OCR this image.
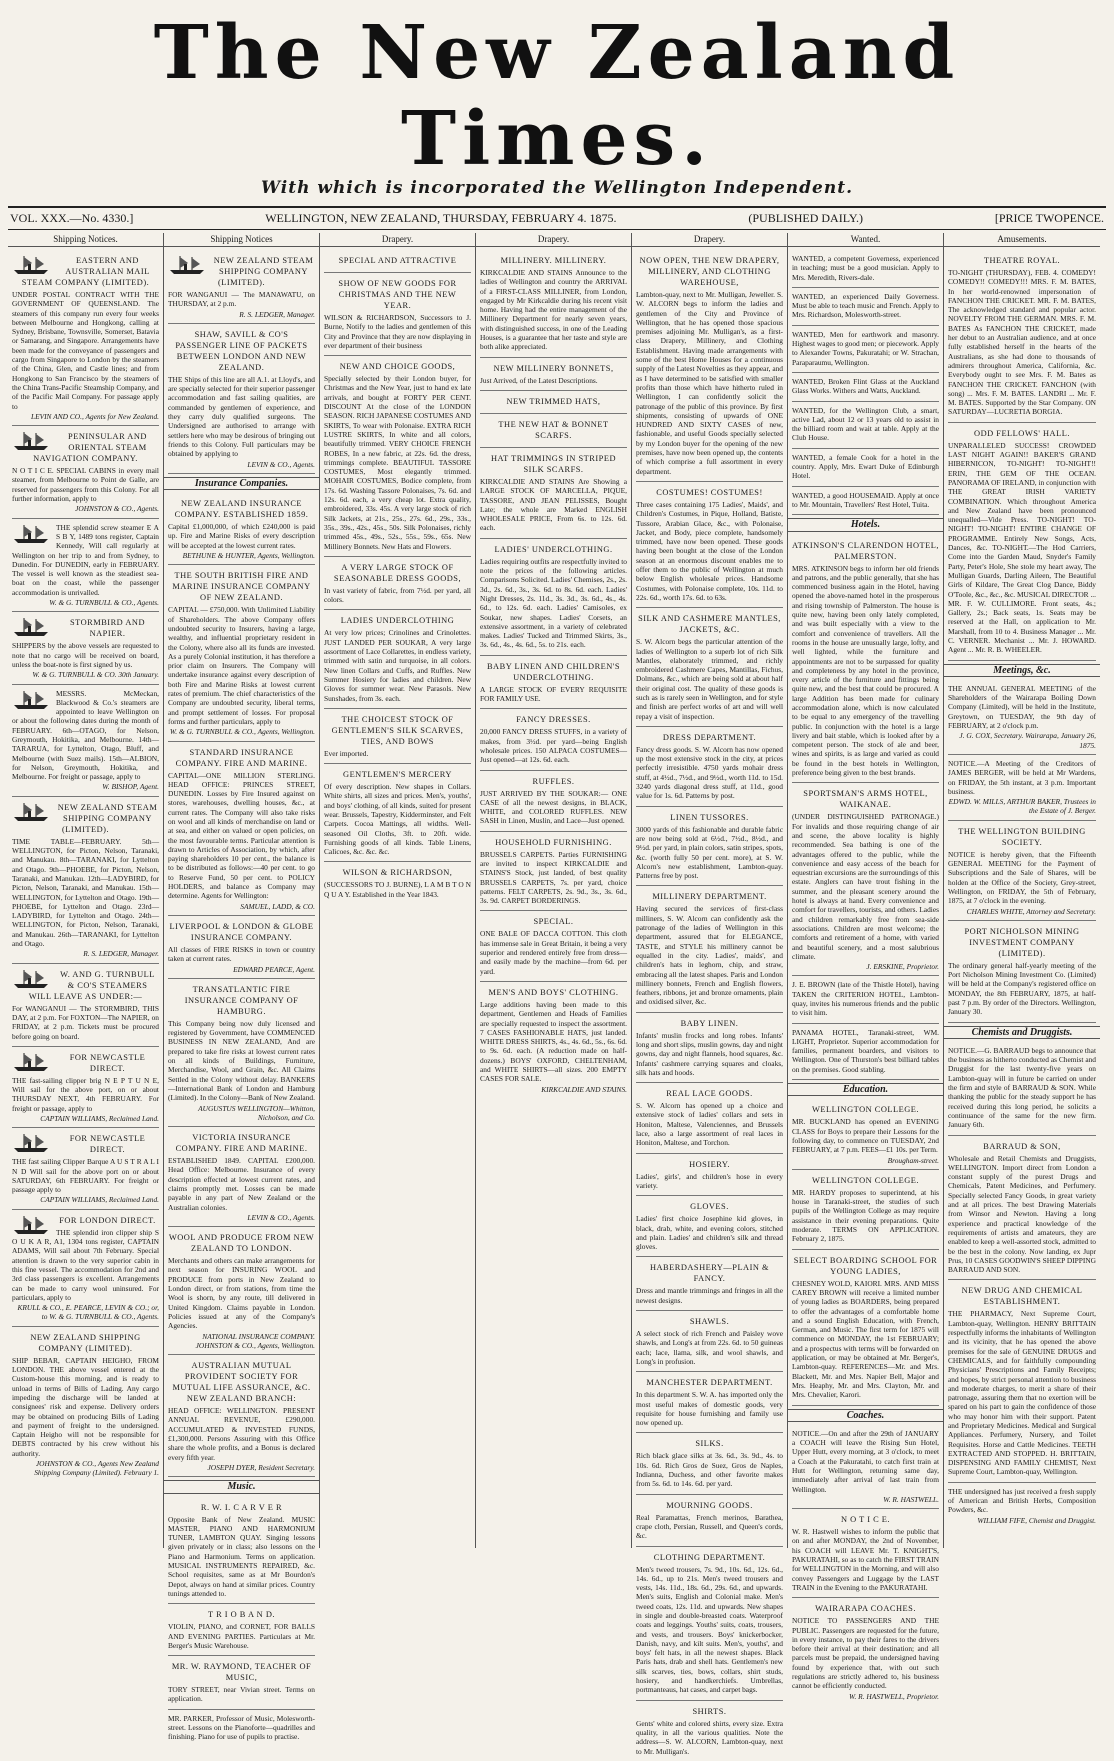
The New Zealand Times.
With which is incorporated the Wellington Independent.
VOL. XXX.—No. 4330.]	WELLINGTON, NEW ZEALAND, THURSDAY, FEBRUARY 4. 1875.	(PUBLISHED DAILY.)	[PRICE TWOPENCE.
Shipping Notices.
EASTERN AND AUSTRALIAN MAIL STEAM COMPANY (LIMITED).
UNDER POSTAL CONTRACT WITH THE GOVERNMENT OF QUEENSLAND. The steamers of this company run every four weeks between Melbourne and Hongkong, calling at Sydney, Brisbane, Townsville, Somerset, Batavia or Samarang, and Singapore. Arrangements have been made for the conveyance of passengers and cargo from Singapore to London by the steamers of the China, Glen, and Castle lines; and from Hongkong to San Francisco by the steamers of the China Trans-Pacific Steamship Company, and of the Pacific Mail Company. For passage apply to
LEVIN AND CO., Agents for New Zealand.
PENINSULAR AND ORIENTAL STEAM NAVIGATION COMPANY.
N O T I C E. SPECIAL CABINS in every mail steamer, from Melbourne to Point de Galle, are reserved for passengers from this Colony. For all further information, apply to
JOHNSTON & CO., Agents.
THE splendid screw steamer E A S B Y, 1489 tons register, Captain Kennedy, Will call regularly at Wellington on her trip to and from Sydney, to Dunedin. For DUNEDIN, early in FEBRUARY. The vessel is well known as the steadiest sea-boat on the coast, while the passenger accommodation is unrivalled.
W. & G. TURNBULL & CO., Agents.
STORMBIRD AND NAPIER.
SHIPPERS by the above vessels are requested to note that no cargo will be received on board, unless the boat-note is first signed by us.
W. & G. TURNBULL & CO. 30th January.
MESSRS. McMeckan, Blackwood & Co.'s steamers are appointed to leave Wellington on or about the following dates during the month of FEBRUARY. 6th—OTAGO, for Nelson, Greymouth, Hokitika, and Melbourne. 14th—TARARUA, for Lyttelton, Otago, Bluff, and Melbourne (with Suez mails). 15th—ALBION, for Nelson, Greymouth, Hokitika, and Melbourne. For freight or passage, apply to
W. BISHOP, Agent.
NEW ZEALAND STEAM SHIPPING COMPANY (LIMITED).
TIME TABLE—FEBRUARY. 5th—WELLINGTON, for Picton, Nelson, Taranaki, and Manukau. 8th—TARANAKI, for Lyttelton and Otago. 9th—PHOEBE, for Picton, Nelson, Taranaki, and Manukau. 12th—LADYBIRD, for Picton, Nelson, Taranaki, and Manukau. 15th—WELLINGTON, for Lyttelton and Otago. 19th—PHOEBE, for Lyttelton and Otago. 23rd—LADYBIRD, for Lyttelton and Otago. 24th—WELLINGTON, for Picton, Nelson, Taranaki, and Manukau. 26th—TARANAKI, for Lyttelton and Otago.
R. S. LEDGER, Manager.
W. AND G. TURNBULL & CO'S STEAMERS WILL LEAVE AS UNDER:—
For WANGANUI — The STORMBIRD, THIS DAY, at 2 p.m. For FOXTON—The NAPIER, on FRIDAY, at 2 p.m. Tickets must be procured before going on board.
FOR NEWCASTLE DIRECT.
THE fast-sailing clipper brig N E P T U N E, Will sail for the above port, on or about THURSDAY NEXT, 4th FEBRUARY. For freight or passage, apply to
CAPTAIN WILLIAMS, Reclaimed Land.
FOR NEWCASTLE DIRECT.
THE fast sailing Clipper Barque A U S T R A L I N D Will sail for the above port on or about SATURDAY, 6th FEBRUARY. For freight or passage apply to
CAPTAIN WILLIAMS, Reclaimed Land.
FOR LONDON DIRECT.
THE splendid iron clipper ship S O U K A R, A1, 1304 tons register, CAPTAIN ADAMS, Will sail about 7th February. Special attention is drawn to the very superior cabin in this fine vessel. The accommodation for 2nd and 3rd class passengers is excellent. Arrangements can be made to carry wool uninsured. For particulars, apply to
KRULL & CO., E. PEARCE, LEVIN & CO.; or, to W. & G. TURNBULL & CO., Agents.
NEW ZEALAND SHIPPING COMPANY (LIMITED).
SHIP BEBAR, CAPTAIN HEIGHO, FROM LONDON. THE above vessel entered at the Custom-house this morning, and is ready to unload in terms of Bills of Lading. Any cargo impeding the discharge will be landed at consignees' risk and expense. Delivery orders may be obtained on producing Bills of Lading and payment of freight to the undersigned. Captain Heigho will not be responsible for DEBTS contracted by his crew without his authority.
JOHNSTON & CO., Agents New Zealand Shipping Company (Limited). February 1.
Shipping Notices
NEW ZEALAND STEAM SHIPPING COMPANY (LIMITED).
FOR WANGANUI — The MANAWATU, on THURSDAY, at 2 p.m.
R. S. LEDGER, Manager.
SHAW, SAVILL & CO'S PASSENGER LINE OF PACKETS BETWEEN LONDON AND NEW ZEALAND.
THE Ships of this line are all A.1. at Lloyd's, and are specially selected for their superior passenger accommodation and fast sailing qualities, are commanded by gentlemen of experience, and they carry duly qualified surgeons. The Undersigned are authorised to arrange with settlers here who may be desirous of bringing out friends to this Colony. Full particulars may be obtained by applying to
LEVIN & CO., Agents.
Insurance Companies.
NEW ZEALAND INSURANCE COMPANY. ESTABLISHED 1859.
Capital £1,000,000, of which £240,000 is paid up. Fire and Marine Risks of every description will be accepted at the lowest current rates.
BETHUNE & HUNTER, Agents, Wellington.
THE SOUTH BRITISH FIRE AND MARINE INSURANCE COMPANY OF NEW ZEALAND.
CAPITAL — £750,000. With Unlimited Liability of Shareholders. The above Company offers undoubted security to Insurers, having a large, wealthy, and influential proprietary resident in the Colony, where also all its funds are invested. As a purely Colonial institution, it has therefore a prior claim on Insurers. The Company will undertake insurance against every description of both Fire and Marine Risks at lowest current rates of premium. The chief characteristics of the Company are undoubted security, liberal terms, and prompt settlement of losses. For proposal forms and further particulars, apply to
W. & G. TURNBULL & CO., Agents, Wellington.
STANDARD INSURANCE COMPANY. FIRE AND MARINE.
CAPITAL—ONE MILLION STERLING. HEAD OFFICE: PRINCES STREET, DUNEDIN. Losses by Fire Insured against on stores, warehouses, dwelling houses, &c., at current rates. The Company will also take risks on wool and all kinds of merchandise on land or at sea, and either on valued or open policies, on the most favourable terms. Particular attention is drawn to Articles of Association, by which, after paying shareholders 10 per cent., the balance is to be distributed as follows:—40 per cent. to go to Reserve Fund, 50 per cent. to POLICY HOLDERS, and balance as Company may determine. Agents for Wellington:
SAMUEL, LADD, & CO.
LIVERPOOL & LONDON & GLOBE INSURANCE COMPANY.
All classes of FIRE RISKS in town or country taken at current rates.
EDWARD PEARCE, Agent.
TRANSATLANTIC FIRE INSURANCE COMPANY OF HAMBURG.
This Company being now duly licensed and registered by Government, have COMMENCED BUSINESS IN NEW ZEALAND, And are prepared to take fire risks at lowest current rates on all kinds of Buildings, Furniture, Merchandise, Wool, and Grain, &c. All Claims Settled in the Colony without delay. BANKERS—International Bank of London and Hamburg (Limited). In the Colony—Bank of New Zealand.
AUGUSTUS WELLINGTON—Whitton, Nicholson, and Co.
VICTORIA INSURANCE COMPANY. FIRE AND MARINE.
ESTABLISHED 1849. CAPITAL £200,000. Head Office: Melbourne. Insurance of every description effected at lowest current rates, and claims promptly met. Losses can be made payable in any part of New Zealand or the Australian colonies.
LEVIN & CO., Agents.
WOOL AND PRODUCE FROM NEW ZEALAND TO LONDON.
Merchants and others can make arrangements for next season for INSURING WOOL and PRODUCE from ports in New Zealand to London direct, or from stations, from time the Wool is shorn, by any route, till delivered in United Kingdom. Claims payable in London. Policies issued at any of the Company's Agencies.
NATIONAL INSURANCE COMPANY. JOHNSTON & CO., Agents, Wellington.
AUSTRALIAN MUTUAL PROVIDENT SOCIETY FOR MUTUAL LIFE ASSURANCE, &C. NEW ZEALAND BRANCH:
HEAD OFFICE: WELLINGTON. PRESENT ANNUAL REVENUE, £290,000. ACCUMULATED & INVESTED FUNDS, £1,300,000. Persons Assuring with this Office share the whole profits, and a Bonus is declared every fifth year.
JOSEPH DYER, Resident Secretary.
Music.
R. W. I. C A R V E R
Opposite Bank of New Zealand. MUSIC MASTER, PIANO AND HARMONIUM TUNER, LAMBTON QUAY. Singing lessons given privately or in class; also lessons on the Piano and Harmonium. Terms on application. MUSICAL INSTRUMENTS REPAIRED, &c. School requisites, same as at Mr Bourdon's Depot, always on hand at similar prices. Country tunings attended to.
T R I O B A N D.
VIOLIN, PIANO, and CORNET, FOR BALLS AND EVENING PARTIES. Particulars at Mr. Berger's Music Warehouse.
MR. W. RAYMOND, TEACHER OF MUSIC,
TORY STREET, near Vivian street. Terms on application.
MR. PARKER, Professor of Music, Molesworth-street. Lessons on the Pianoforte—quadrilles and finishing. Piano for use of pupils to practise.
Drapery.
SPECIAL AND ATTRACTIVE
SHOW OF NEW GOODS FOR CHRISTMAS AND THE NEW YEAR.
WILSON & RICHARDSON, Successors to J. Burne, Notify to the ladies and gentlemen of this City and Province that they are now displaying in ever department of their business
NEW AND CHOICE GOODS,
Specially selected by their London buyer, for Christmas and the New Year, just to hand ex late arrivals, and bought at FORTY PER CENT. DISCOUNT At the close of the LONDON SEASON. RICH JAPANESE COSTUMES AND SKIRTS, To wear with Polonaise. EXTRA RICH LUSTRE SKIRTS, In white and all colors, beautifully trimmed. VERY CHOICE FRENCH ROBES, In a new fabric, at 22s. 6d. the dress, trimmings complete. BEAUTIFUL TASSORE COSTUMES, Most elegantly trimmed. MOHAIR COSTUMES, Bodice complete, from 17s. 6d. Washing Tassore Polonaises, 7s. 6d. and 12s. 6d. each, a very cheap lot. Extra quality, embroidered, 33s. 45s. A very large stock of rich Silk Jackets, at 21s., 25s., 27s. 6d., 29s., 33s., 35s., 39s., 42s., 45s., 50s. Silk Polonaises, richly trimmed 45s., 49s., 52s., 55s., 59s., 65s. New Millinery Bonnets. New Hats and Flowers.
A VERY LARGE STOCK OF SEASONABLE DRESS GOODS,
In vast variety of fabric, from 7½d. per yard, all colors.
LADIES UNDERCLOTHING
At very low prices; Crinolines and Crinolettes. JUST LANDED PER SOUKAR, A very large assortment of Lace Collarettes, in endless variety, trimmed with satin and turquoise, in all colors. New linen Collars and Cuffs, and Ruffles. New Summer Hosiery for ladies and children. New Gloves for summer wear. New Parasols. New Sunshades, from 3s. each.
THE CHOICEST STOCK OF GENTLEMEN'S SILK SCARVES, TIES, AND BOWS
Ever imported.
GENTLEMEN'S MERCERY
Of every description. New shapes in Collars. White shirts, all sizes and prices. Men's, youths', and boys' clothing, of all kinds, suited for present wear. Brussels, Tapestry, Kidderminster, and Felt Carpets. Cocoa Mattings, all widths. Well-seasoned Oil Cloths, 3ft. to 20ft. wide. Furnishing goods of all kinds. Table Linens, Calicoes, &c. &c. &c.
WILSON & RICHARDSON,
(SUCCESSORS TO J. BURNE), L A M B T O N Q U A Y. Established in the Year 1843.
Drapery.
MILLINERY. MILLINERY.
KIRKCALDIE AND STAINS Announce to the ladies of Wellington and country the ARRIVAL of a FIRST-CLASS MILLINER, from London, engaged by Mr Kirkcaldie during his recent visit home. Having had the entire management of the Millinery Department for nearly seven years, with distinguished success, in one of the Leading Houses, is a guarantee that her taste and style are both alike appreciated.
NEW MILLINERY BONNETS,
Just Arrived, of the Latest Descriptions.
NEW TRIMMED HATS,
THE NEW HAT & BONNET SCARFS.
HAT TRIMMINGS IN STRIPED SILK SCARFS.
KIRKCALDIE AND STAINS Are Showing a LARGE STOCK OF MARCELLA, PIQUE, TASSORE, AND JEAN PELISSES, Bought Late; the whole are Marked ENGLISH WHOLESALE PRICE, From 6s. to 12s. 6d. each.
LADIES' UNDERCLOTHING.
Ladies requiring outfits are respectfully invited to note the prices of the following articles. Comparisons Solicited. Ladies' Chemises, 2s., 2s. 3d., 2s. 6d., 3s., 3s. 6d. to 8s. 6d. each. Ladies' Night Dresses, 2s. 11d., 3s. 3d., 3s. 6d., 4s., 4s. 6d., to 12s. 6d. each. Ladies' Camisoles, ex Soukar, new shapes. Ladies' Corsets, an extensive assortment, in a variety of celebrated makes. Ladies' Tucked and Trimmed Skirts, 3s., 3s. 6d., 4s., 4s. 6d., 5s. to 21s. each.
BABY LINEN AND CHILDREN'S UNDERCLOTHING.
A LARGE STOCK OF EVERY REQUISITE FOR FAMILY USE.
FANCY DRESSES.
20,000 FANCY DRESS STUFFS, in a variety of makes, from 3½d. per yard—being English wholesale prices. 150 ALPACA COSTUMES—Just opened—at 12s. 6d. each.
RUFFLES.
JUST ARRIVED BY THE SOUKAR:— ONE CASE of all the newest designs, in BLACK, WHITE, and COLORED RUFFLES. NEW SASH in Linen, Muslin, and Lace—Just opened.
HOUSEHOLD FURNISHING.
BRUSSELS CARPETS. Parties FURNISHING are invited to inspect KIRKCALDIE and STAINS'S Stock, just landed, of best quality BRUSSELS CARPETS, 7s. per yard, choice patterns. FELT CARPETS, 2s. 9d., 3s., 3s. 6d., 3s. 9d. CARPET BORDERINGS.
SPECIAL.
ONE BALE OF DACCA COTTON. This cloth has immense sale in Great Britain, it being a very superior and rendered entirely free from dress—and easily made by the machine—from 6d. per yard.
MEN'S AND BOYS' CLOTHING.
Large additions having been made to this department, Gentlemen and Heads of Families are specially requested to inspect the assortment. 7 CASES FASHIONABLE HATS, just landed. WHITE DRESS SHIRTS, 4s., 4s. 6d., 5s., 6s. 6d. to 9s. 6d. each. (A reduction made on half-dozens.) BOYS' OXFORD, CHELTENHAM, and WHITE SHIRTS—all sizes. 200 EMPTY CASES FOR SALE.
KIRKCALDIE AND STAINS.
Drapery.
NOW OPEN, THE NEW DRAPERY, MILLINERY, AND CLOTHING WAREHOUSE,
Lambton-quay, next to Mr. Mulligan, Jeweller. S. W. ALCORN begs to inform the ladies and gentlemen of the City and Province of Wellington, that he has opened those spacious premises adjoining Mr. Mulligan's, as a first-class Drapery, Millinery, and Clothing Establishment. Having made arrangements with some of the best Home Houses for a continuous supply of the Latest Novelties as they appear, and as I have determined to be satisfied with smaller profits than those which have hitherto ruled in Wellington, I can confidently solicit the patronage of the public of this province. By first shipments, consisting of upwards of ONE HUNDRED AND SIXTY CASES of new, fashionable, and useful Goods specially selected by my London buyer for the opening of the new premises, have now been opened up, the contents of which comprise a full assortment in every department.
COSTUMES! COSTUMES!
Three cases containing 175 Ladies', Maids', and Children's Costumes, in Pique, Holland, Batiste, Tussore, Arabian Glace, &c., with Polonaise, Jacket, and Body, piece complete, handsomely trimmed, have now been opened. These goods having been bought at the close of the London season at an enormous discount enables me to offer them to the public of Wellington at much below English wholesale prices. Handsome Costumes, with Polonaise complete, 10s. 11d. to 22s. 6d., worth 17s. 6d. to 63s.
SILK AND CASHMERE MANTLES, JACKETS, &C.
S. W. Alcorn begs the particular attention of the ladies of Wellington to a superb lot of rich Silk Mantles, elaborately trimmed, and richly embroidered Cashmere Capes, Mantillas, Fichus, Dolmans, &c., which are being sold at about half their original cost. The quality of these goods is such as is rarely seen in Wellington, and for style and finish are perfect works of art and will well repay a visit of inspection.
DRESS DEPARTMENT.
Fancy dress goods. S. W. Alcorn has now opened up the most extensive stock in the city, at prices perfectly irresistible. 4750 yards mohair dress stuff, at 4½d., 7½d., and 9½d., worth 11d. to 15d. 3240 yards diagonal dress stuff, at 11d., good value for 1s. 6d. Patterns by post.
LINEN TUSSORES.
3000 yards of this fashionable and durable fabric are now being sold at 6½d., 7½d., 8½d., and 9½d. per yard, in plain colors, satin stripes, spots, &c. (worth fully 50 per cent. more), at S. W. Alcorn's new establishment, Lambton-quay. Patterns free by post.
MILLINERY DEPARTMENT.
Having secured the services of first-class milliners, S. W. Alcorn can confidently ask the patronage of the ladies of Wellington in this department, assured that for ELEGANCE, TASTE, and STYLE his millinery cannot be equalled in the city. Ladies', maids', and children's hats in leghorn, chip, and straw, embracing all the latest shapes. Paris and London millinery bonnets, French and English flowers, feathers, ribbons, jet and bronze ornaments, plain and oxidised silver, &c.
BABY LINEN.
Infants' muslin frocks and long robes. Infants' long and short slips, muslin gowns, day and night gowns, day and night flannels, hood squares, &c. Infants' cashmere carrying squares and cloaks, silk hats and hoods.
REAL LACE GOODS.
S. W. Alcorn has opened up a choice and extensive stock of ladies' collars and sets in Honiton, Maltese, Valenciennes, and Brussels lace, also a large assortment of real laces in Honiton, Maltese, and Torchon.
HOSIERY.
Ladies', girls', and children's hose in every variety.
GLOVES.
Ladies' first choice Josephine kid gloves, in black, drab, white, and evening colors, stitched and plain. Ladies' and children's silk and thread gloves.
HABERDASHERY—PLAIN & FANCY.
Dress and mantle trimmings and fringes in all the newest designs.
SHAWLS.
A select stock of rich French and Paisley wove shawls, and Long's at from 22s. 6d. to 50 guineas each; lace, llama, silk, and wool shawls, and Long's in profusion.
MANCHESTER DEPARTMENT.
In this department S. W. A. has imported only the most useful makes of domestic goods, very requisite for house furnishing and family use now opened up.
SILKS.
Rich black glace silks at 3s. 6d., 3s. 9d., 4s. to 10s. 6d. Rich Gros de Suez, Gros de Naples, Indianna, Duchess, and other favorite makes from 5s. 6d. to 14s. 6d. per yard.
MOURNING GOODS.
Real Paramattas, French merinos, Barathea, crape cloth, Persian, Russell, and Queen's cords, &c.
CLOTHING DEPARTMENT.
Men's tweed trousers, 7s. 9d., 10s. 6d., 12s. 6d., 14s. 6d., up to 21s. Men's tweed trousers and vests, 14s. 11d., 18s. 6d., 29s. 6d., and upwards. Men's suits, English and Colonial make. Men's tweed coats, 12s. 11d. and upwards. New shapes in single and double-breasted coats. Waterproof coats and leggings. Youths' suits, coats, trousers, and vests, and trousers. Boys' knickerbocker, Danish, navy, and kilt suits. Men's, youths', and boys' felt hats, in all the newest shapes. Black Paris hats, drab and shell hats. Gentlemen's new silk scarves, ties, bows, collars, shirt studs, hosiery, and handkerchiefs. Umbrellas, portmanteaus, hat cases, and carpet bags.
SHIRTS.
Gents' white and colored shirts, every size. Extra quality, in all the various qualities. Note the address—S. W. ALCORN, Lambton-quay, next to Mr. Mulligan's.
Wanted.
WANTED, a competent Governess, experienced in teaching; must be a good musician. Apply to Mrs. Meredith, Rivers-dale.
WANTED, an experienced Daily Governess. Must be able to teach music and French. Apply to Mrs. Richardson, Molesworth-street.
WANTED, Men for earthwork and masonry. Highest wages to good men; or piecework. Apply to Alexander Towns, Pakuratahi; or W. Strachan, Paraparaumu, Wellington.
WANTED, Broken Flint Glass at the Auckland Glass Works. Withers and Watts, Auckland.
WANTED, for the Wellington Club, a smart, active Lad, about 12 or 13 years old to assist in the billiard room and wait at table. Apply at the Club House.
WANTED, a female Cook for a hotel in the country. Apply, Mrs. Ewart Duke of Edinburgh Hotel.
WANTED, a good HOUSEMAID. Apply at once to Mr. Mountain, Travellers' Rest Hotel, Tuita.
Hotels.
ATKINSON'S CLARENDON HOTEL, PALMERSTON.
MRS. ATKINSON begs to inform her old friends and patrons, and the public generally, that she has commenced business again in the Hotel, having opened the above-named hotel in the prosperous and rising township of Palmerston. The house is quite new, having been only lately completed, and was built especially with a view to the comfort and convenience of travellers. All the rooms in the house are unusually large, lofty, and well lighted, while the furniture and appointments are not to be surpassed for quality and completeness by any hotel in the province, every article of the furniture and fittings being quite new, and the best that could be procured. A large Addition has been made for culinary accommodation alone, which is now calculated to be equal to any emergency of the travelling public. In conjunction with the hotel is a large livery and bait stable, which is looked after by a competent person. The stock of ale and beer, wines and spirits, is as large and varied as could be found in the best hotels in Wellington, preference being given to the best brands.
SPORTSMAN'S ARMS HOTEL, WAIKANAE.
(UNDER DISTINGUISHED PATRONAGE.) For invalids and those requiring change of air and scene, the above locality is highly recommended. Sea bathing is one of the advantages offered to the public, while the convenience and easy access of the beach for equestrian excursions are the surroundings of this estate. Anglers can have trout fishing in the summer, and the pleasant scenery around the hotel is always at hand. Every convenience and comfort for travellers, tourists, and others. Ladies and children remarkably free from sea-side associations. Children are most welcome; the comforts and retirement of a home, with varied and beautiful scenery, and a most salubrious climate.
J. ERSKINE, Proprietor.
J. E. BROWN (late of the Thistle Hotel), having TAKEN the CRITERION HOTEL, Lambton-quay, invites his numerous friends and the public to visit him.
PANAMA HOTEL, Taranaki-street, WM. LIGHT, Proprietor. Superior accommodation for families, permanent boarders, and visitors to Wellington. One of Thurston's best billiard tables on the premises. Good stabling.
Education.
WELLINGTON COLLEGE.
MR. BUCKLAND has opened an EVENING CLASS for Boys to prepare their Lessons for the following day, to commence on TUESDAY, 2nd FEBRUARY, at 7 p.m. FEES—£1 10s. per Term.
Brougham-street.
WELLINGTON COLLEGE.
MR. HARDY proposes to superintend, at his house in Taranaki-street, the studies of such pupils of the Wellington College as may require assistance in their evening preparations. Quite moderate. TERMS ON APPLICATION. February 2, 1875.
SELECT BOARDING SCHOOL FOR YOUNG LADIES,
CHESNEY WOLD, KAIORI. MRS. AND MISS CAREY BROWN will receive a limited number of young ladies as BOARDERS, being prepared to offer the advantages of a comfortable home and a sound English Education, with French, German, and Music. The first term for 1875 will commence on MONDAY, the 1st FEBRUARY; and a prospectus with terms will be forwarded on application, or may be obtained at Mr. Berger's, Lambton-quay. REFERENCES—Mr. and Mrs. Blackett, Mr. and Mrs. Napier Bell, Major and Mrs. Heaphy, Mr. and Mrs. Clayton, Mr. and Mrs. Chevalier, Karori.
Coaches.
NOTICE.—On and after the 29th of JANUARY a COACH will leave the Rising Sun Hotel, Upper Hutt, every morning, at 3 o'clock, to meet a Coach at the Pakuratahi, to catch first train at Hutt for Wellington, returning same day, immediately after arrival of last train from Wellington.
W. R. HASTWELL.
N O T I C E.
W. R. Hastwell wishes to inform the public that on and after MONDAY, the 2nd of November, his COACH will LEAVE Mr. T. KNIGHT'S, PAKURATAHI, so as to catch the FIRST TRAIN for WELLINGTON in the Morning, and will also convey Passengers and Luggage by the LAST TRAIN in the Evening to the PAKURATAHI.
WAIRARAPA COACHES.
NOTICE TO PASSENGERS AND THE PUBLIC. Passengers are requested for the future, in every instance, to pay their fares to the drivers before their arrival at their destination; and all parcels must be prepaid, the undersigned having found by experience that, with out such regulations are strictly adhered to, his business cannot be efficiently conducted.
W. R. HASTWELL, Proprietor.
Amusements.
THEATRE ROYAL.
TO-NIGHT (THURSDAY), FEB. 4. COMEDY! COMEDY!! COMEDY!!! MRS. F. M. BATES, In her world-renowned impersonation of FANCHON THE CRICKET. MR. F. M. BATES, The acknowledged standard and popular actor. NOVELTY FROM THE GERMAN. MRS. F. M. BATES As FANCHON THE CRICKET, made her debut to an Australian audience, and at once fully established herself in the hearts of the Australians, as she had done to thousands of admirers throughout America, California, &c. Everybody ought to see Mrs. F. M. Bates as FANCHON THE CRICKET. FANCHON (with song) ... Mrs. F. M. BATES. LANDRI ... Mr. F. M. BATES. Supported by the Star Company. ON SATURDAY—LUCRETIA BORGIA.
ODD FELLOWS' HALL.
UNPARALLELED SUCCESS! CROWDED LAST NIGHT AGAIN!! BAKER'S GRAND HIBERNICON, TO-NIGHT! TO-NIGHT!! ERIN, THE GEM OF THE OCEAN. PANORAMA OF IRELAND, in conjunction with THE GREAT IRISH VARIETY COMBINATION. Which throughout America and New Zealand have been pronounced unequalled—Vide Press. TO-NIGHT! TO-NIGHT! TO-NIGHT! ENTIRE CHANGE OF PROGRAMME. Entirely New Songs, Acts, Dances, &c. TO-NIGHT.—The Hod Carriers, Come into the Garden Maud, Snyder's Family Party, Peter's Hole, She stole my heart away, The Mulligan Guards, Darling Aileen, The Beautiful Girls of Kildare, The Great Clog Dance, Biddy O'Toole, &c., &c., &c. MUSICAL DIRECTOR ... MR. F. W. CULLIMORE. Front seats, 4s.; Gallery, 2s.; Back seats, 1s. Seats may be reserved at the Hall, on application to Mr. Marshall, from 10 to 4. Business Manager ... Mr. C. VERNER. Mechanist ... Mr. J. HOWARD. Agent ... Mr. R. B. WHEELER.
Meetings, &c.
THE ANNUAL GENERAL MEETING of the Shareholders of the Wairarapa Boiling Down Company (Limited), will be held in the Institute, Greytown, on TUESDAY, the 9th day of FEBRUARY, at 2 o'clock p.m.
J. G. COX, Secretary. Wairarapa, January 26, 1875.
NOTICE.—A Meeting of the Creditors of JAMES BERGER, will be held at Mr Wardens, on FRIDAY, the 5th instant, at 3 p.m. Important business.
EDWD. W. MILLS, ARTHUR BAKER, Trustees in the Estate of J. Berger.
THE WELLINGTON BUILDING SOCIETY.
NOTICE is hereby given, that the Fifteenth GENERAL MEETING for the Payment of Subscriptions and the Sale of Shares, will be holden at the Office of the Society, Grey-street, Wellington, on FRIDAY, the 5th of February, 1875, at 7 o'clock in the evening.
CHARLES WHITE, Attorney and Secretary.
PORT NICHOLSON MINING INVESTMENT COMPANY (LIMITED).
The ordinary general half-yearly meeting of the Port Nicholson Mining Investment Co. (Limited) will be held at the Company's registered office on MONDAY, the 8th FEBRUARY, 1875, at half-past 7 p.m. By order of the Directors. Wellington, January 30.
Chemists and Druggists.
NOTICE.—G. BARRAUD begs to announce that the business as hitherto conducted as Chemist and Druggist for the last twenty-five years on Lambton-quay will in future be carried on under the firm and style of BARRAUD & SON. While thanking the public for the steady support he has received during this long period, he solicits a continuance of the same for the new firm. January 6th.
BARRAUD & SON,
Wholesale and Retail Chemists and Druggists, WELLINGTON. Import direct from London a constant supply of the purest Drugs and Chemicals, Patent Medicines, and Perfumery. Specially selected Fancy Goods, in great variety and at all prices. The best Drawing Materials from Winsor and Newton. Having a long experience and practical knowledge of the requirements of artists and amateurs, they are enabled to keep a well-assorted stock, admitted to be the best in the colony. Now landing, ex Jupr Prus, 10 CASES GOODWIN'S SHEEP DIPPING BARRAUD AND SON.
NEW DRUG AND CHEMICAL ESTABLISHMENT.
THE PHARMACY, Next Supreme Court, Lambton-quay, Wellington. HENRY BRITTAIN respectfully informs the inhabitants of Wellington and its vicinity, that he has opened the above premises for the sale of GENUINE DRUGS and CHEMICALS, and for faithfully compounding Physicians' Prescriptions and Family Receipts; and hopes, by strict personal attention to business and moderate charges, to merit a share of their patronage, assuring them that no exertion will be spared on his part to gain the confidence of those who may honor him with their support. Patent and Proprietary Medicines. Medical and Surgical Appliances. Perfumery, Nursery, and Toilet Requisites. Horse and Cattle Medicines. TEETH EXTRACTED AND STOPPED. H. BRITTAIN, DISPENSING AND FAMILY CHEMIST, Next Supreme Court, Lambton-quay, Wellington.
THE undersigned has just received a fresh supply of American and British Herbs, Composition Powders, &c.
WILLIAM FIFE, Chemist and Druggist.
